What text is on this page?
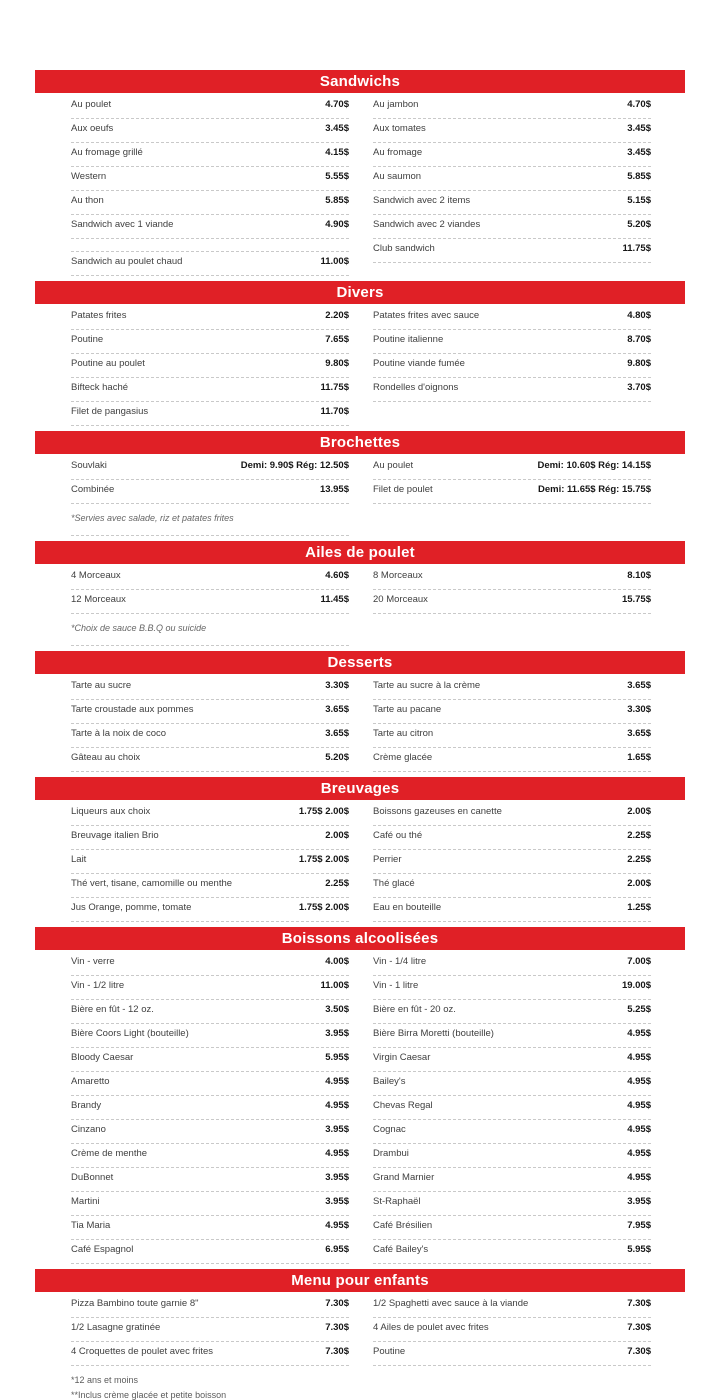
Sandwichs
Au poulet	4.70$
Aux oeufs	3.45$
Au fromage grillé	4.15$
Western	5.55$
Au thon	5.85$
Sandwich avec 1 viande	4.90$
Sandwich au poulet chaud	11.00$
Au jambon	4.70$
Aux tomates	3.45$
Au fromage	3.45$
Au saumon	5.85$
Sandwich avec 2 items	5.15$
Sandwich avec 2 viandes	5.20$
Club sandwich	11.75$
Divers
Patates frites	2.20$
Poutine	7.65$
Poutine au poulet	9.80$
Bifteck haché	11.75$
Filet de pangasius	11.70$
Patates frites avec sauce	4.80$
Poutine italienne	8.70$
Poutine viande fumée	9.80$
Rondelles d'oignons	3.70$
Brochettes
Souvlaki	Demi: 9.90$ Rég: 12.50$
Combinée	13.95$
*Servies avec salade, riz et patates frites
Au poulet	Demi: 10.60$ Rég: 14.15$
Filet de poulet	Demi: 11.65$ Rég: 15.75$
Ailes de poulet
4 Morceaux	4.60$
12 Morceaux	11.45$
*Choix de sauce B.B.Q ou suicide
8 Morceaux	8.10$
20 Morceaux	15.75$
Desserts
Tarte au sucre	3.30$
Tarte croustade aux pommes	3.65$
Tarte à la noix de coco	3.65$
Gâteau au choix	5.20$
Tarte au sucre à la crème	3.65$
Tarte au pacane	3.30$
Tarte au citron	3.65$
Crème glacée	1.65$
Breuvages
Liqueurs aux choix	1.75$ 2.00$
Breuvage italien Brio	2.00$
Lait	1.75$ 2.00$
Thé vert, tisane, camomille ou menthe	2.25$
Jus Orange, pomme, tomate	1.75$ 2.00$
Boissons gazeuses en canette	2.00$
Café ou thé	2.25$
Perrier	2.25$
Thé glacé	2.00$
Eau en bouteille	1.25$
Boissons alcoolisées
Vin - verre	4.00$
Vin - 1/2 litre	11.00$
Bière en fût - 12 oz.	3.50$
Bière Coors Light (bouteille)	3.95$
Bloody Caesar	5.95$
Amaretto	4.95$
Brandy	4.95$
Cinzano	3.95$
Crème de menthe	4.95$
DuBonnet	3.95$
Martini	3.95$
Tia Maria	4.95$
Café Espagnol	6.95$
Vin - 1/4 litre	7.00$
Vin - 1 litre	19.00$
Bière en fût - 20 oz.	5.25$
Bière Birra Moretti (bouteille)	4.95$
Virgin Caesar	4.95$
Bailey's	4.95$
Chevas Regal	4.95$
Cognac	4.95$
Drambui	4.95$
Grand Marnier	4.95$
St-Raphaël	3.95$
Café Brésilien	7.95$
Café Bailey's	5.95$
Menu pour enfants
Pizza Bambino toute garnie 8"	7.30$
1/2 Lasagne gratinée	7.30$
4 Croquettes de poulet avec frites	7.30$
*12 ans et moins
**Inclus crème glacée et petite boisson
1/2 Spaghetti avec sauce à la viande	7.30$
4 Ailes de poulet avec frites	7.30$
Poutine	7.30$
